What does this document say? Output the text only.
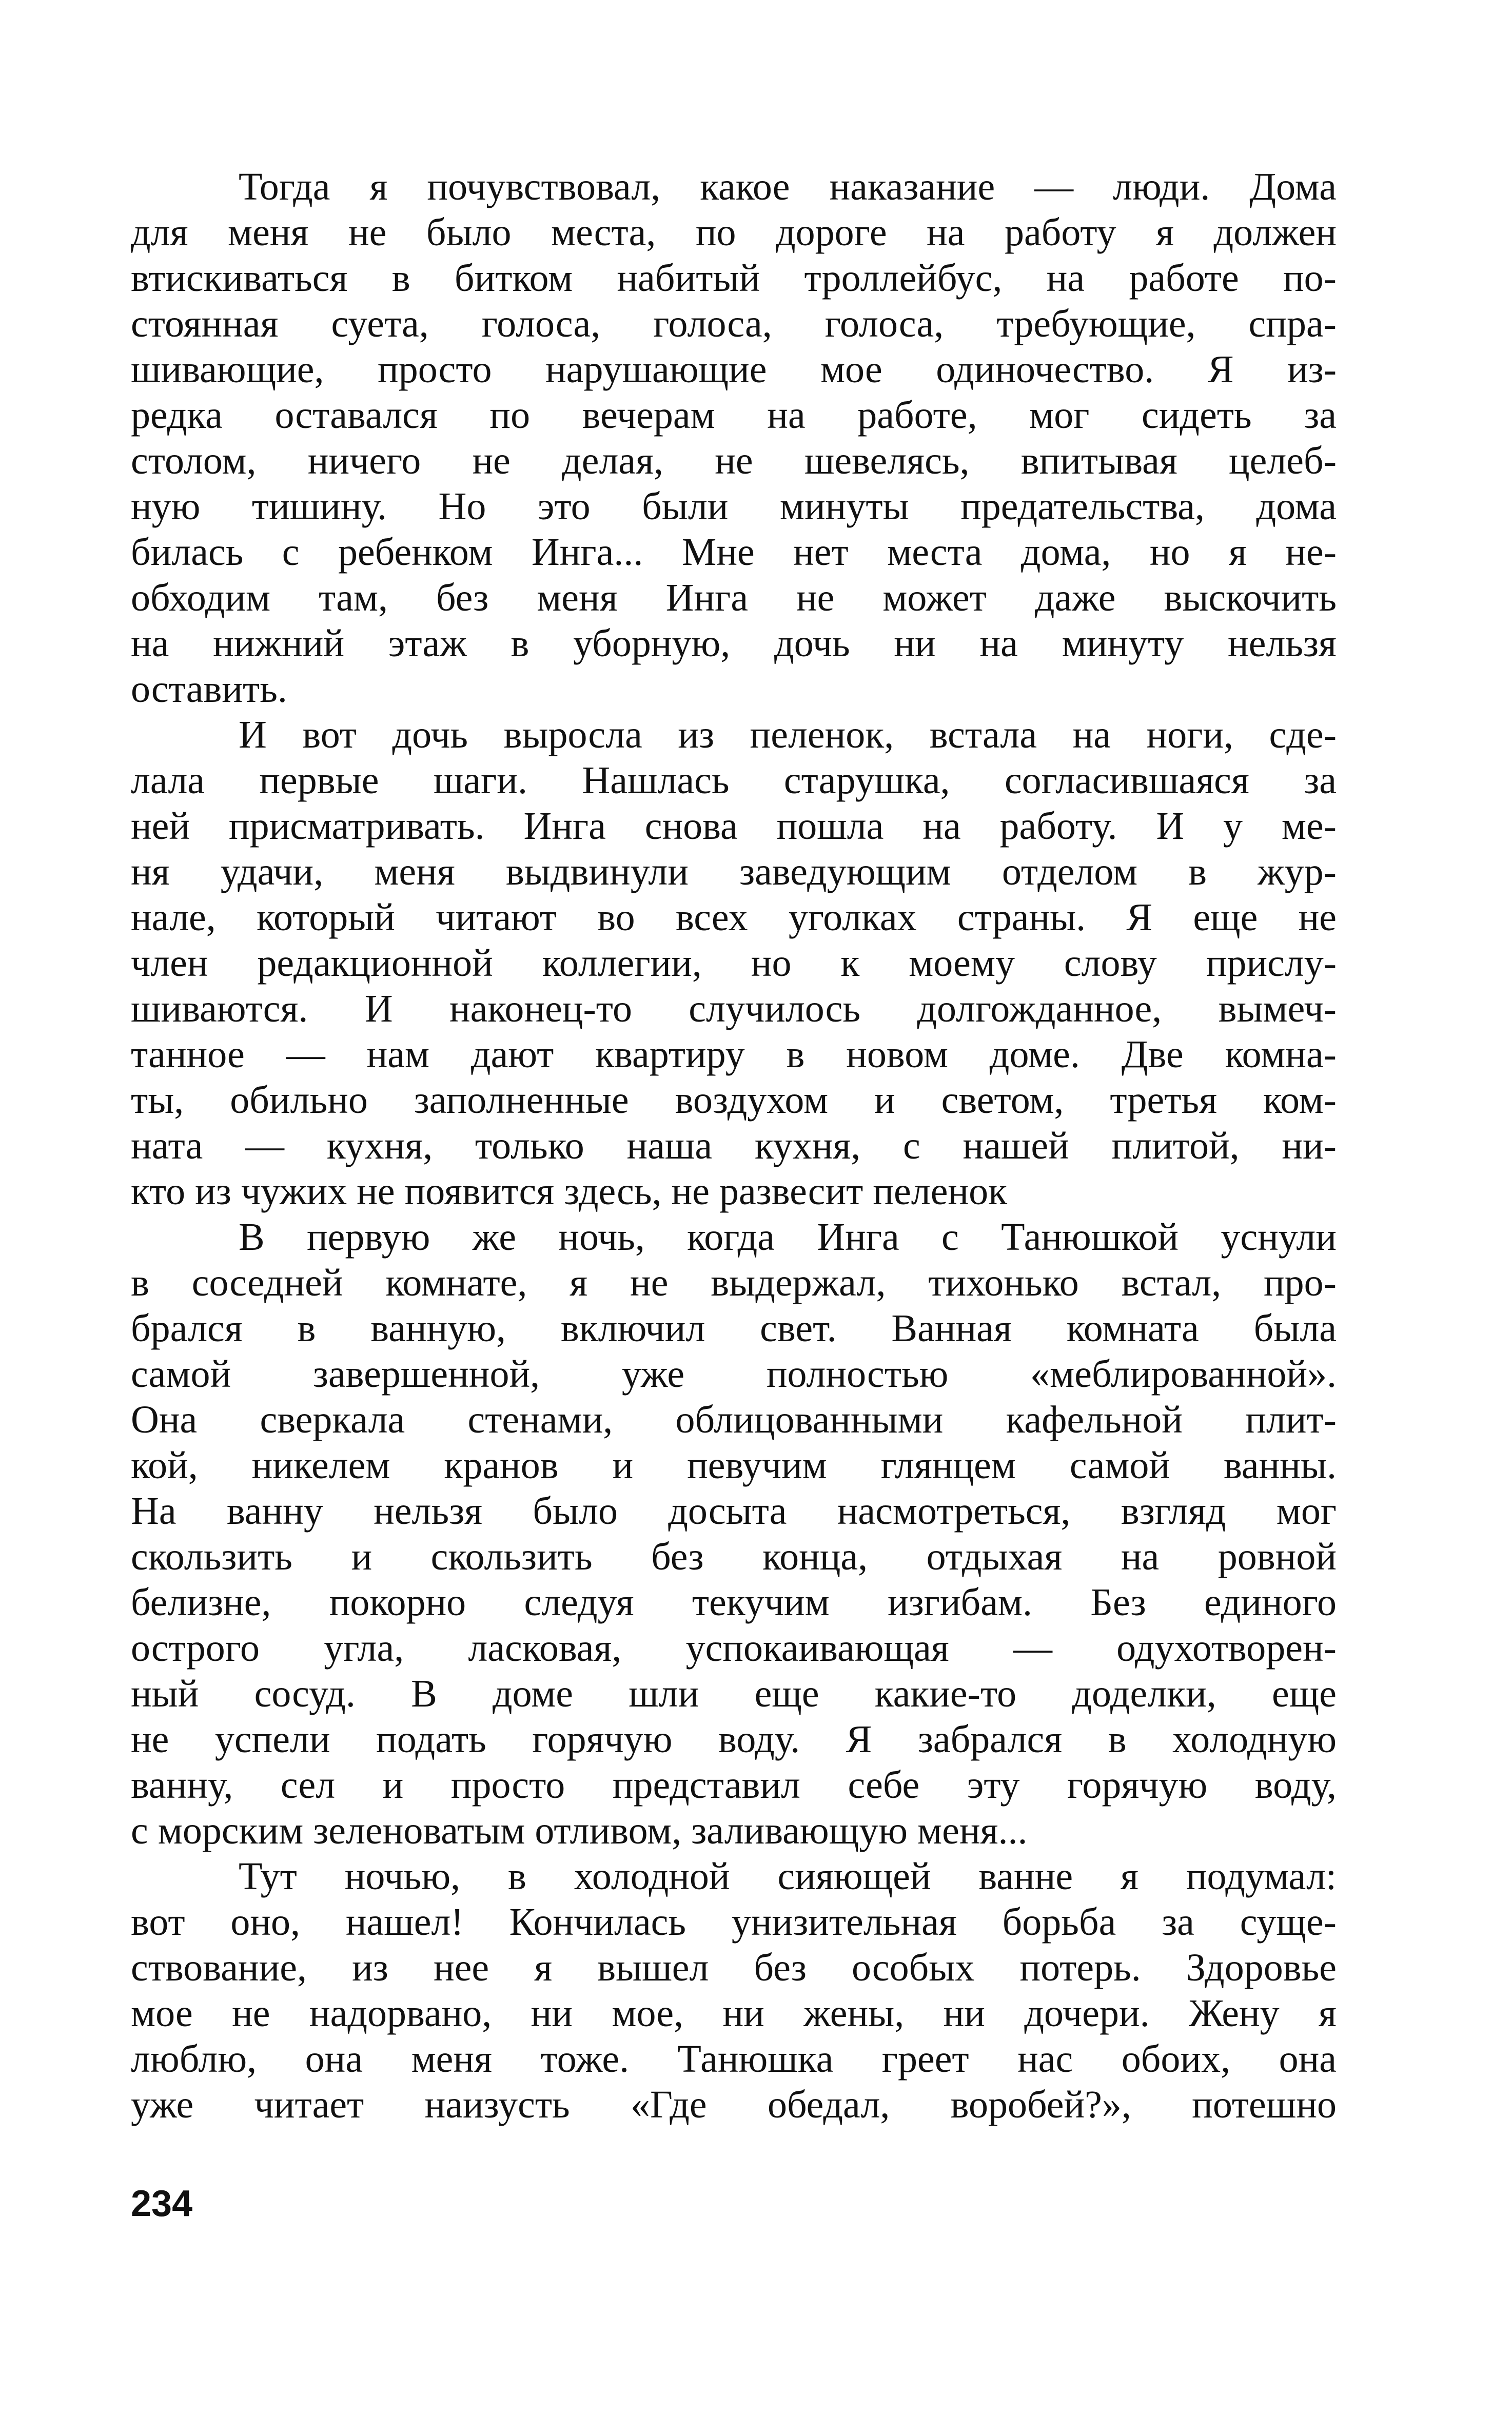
Тогда я почувствовал, какое наказание — люди. Дома
для меня не было места, по дороге на работу я должен
втискиваться в битком набитый троллейбус, на работе по-
стоянная суета, голоса, голоса, голоса, требующие, спра-
шивающие, просто нарушающие мое одиночество. Я из-
редка оставался по вечерам на работе, мог сидеть за
столом, ничего не делая, не шевелясь, впитывая целеб-
ную тишину. Но это были минуты предательства, дома
билась с ребенком Инга... Мне нет места дома, но я не-
обходим там, без меня Инга не может даже выскочить
на нижний этаж в уборную, дочь ни на минуту нельзя
оставить.
И вот дочь выросла из пеленок, встала на ноги, сде-
лала первые шаги. Нашлась старушка, согласившаяся за
ней присматривать. Инга снова пошла на работу. И у ме-
ня удачи, меня выдвинули заведующим отделом в жур-
нале, который читают во всех уголках страны. Я еще не
член редакционной коллегии, но к моему слову прислу-
шиваются. И наконец-то случилось долгожданное, вымеч-
танное — нам дают квартиру в новом доме. Две комна-
ты, обильно заполненные воздухом и светом, третья ком-
ната — кухня, только наша кухня, с нашей плитой, ни-
кто из чужих не появится здесь, не развесит пеленок
В первую же ночь, когда Инга с Танюшкой уснули
в соседней комнате, я не выдержал, тихонько встал, про-
брался в ванную, включил свет. Ванная комната была
самой завершенной, уже полностью «меблированной».
Она сверкала стенами, облицованными кафельной плит-
кой, никелем кранов и певучим глянцем самой ванны.
На ванну нельзя было досыта насмотреться, взгляд мог
скользить и скользить без конца, отдыхая на ровной
белизне, покорно следуя текучим изгибам. Без единого
острого угла, ласковая, успокаивающая — одухотворен-
ный сосуд. В доме шли еще какие-то доделки, еще
не успели подать горячую воду. Я забрался в холодную
ванну, сел и просто представил себе эту горячую воду,
с морским зеленоватым отливом, заливающую меня...
Тут ночью, в холодной сияющей ванне я подумал:
вот оно, нашел! Кончилась унизительная борьба за суще-
ствование, из нее я вышел без особых потерь. Здоровье
мое не надорвано, ни мое, ни жены, ни дочери. Жену я
люблю, она меня тоже. Танюшка греет нас обоих, она
уже читает наизусть «Где обедал, воробей?», потешно
234
